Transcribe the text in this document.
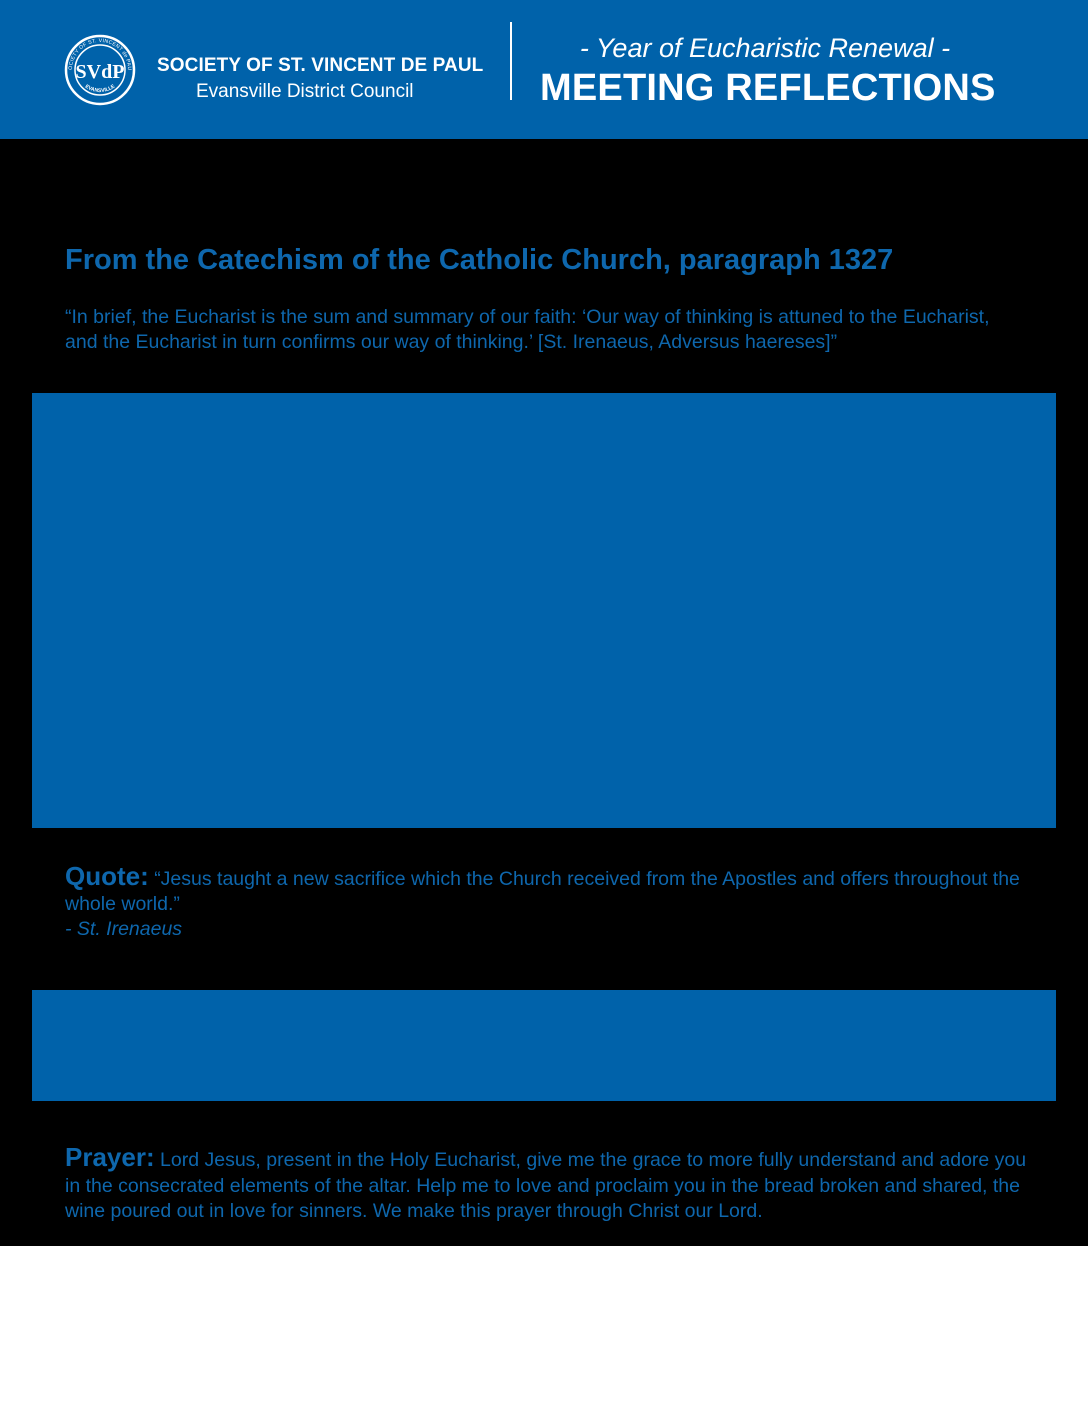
OCIETY OF ST. VINCENT de PAU
EVANSVILLE
SVdP SOCIETY OF ST. VINCENT DE PAUL
Evansville District Council
- Year of Eucharistic Renewal -
MEETING REFLECTIONS
From the Catechism of the Catholic Church, paragraph 1327
“In brief, the Eucharist is the sum and summary of our faith: ‘Our way of thinking is attuned to the Eucharist, and the Eucharist in turn confirms our way of thinking.’ [St. Irenaeus, Adversus haereses]”
Quote: “Jesus taught a new sacrifice which the Church received from the Apostles and offers throughout the whole world.”
- St. Irenaeus
Prayer: Lord Jesus, present in the Holy Eucharist, give me the grace to more fully understand and adore you in the consecrated elements of the altar. Help me to love and proclaim you in the bread broken and shared, the wine poured out in love for sinners. We make this prayer through Christ our Lord.
